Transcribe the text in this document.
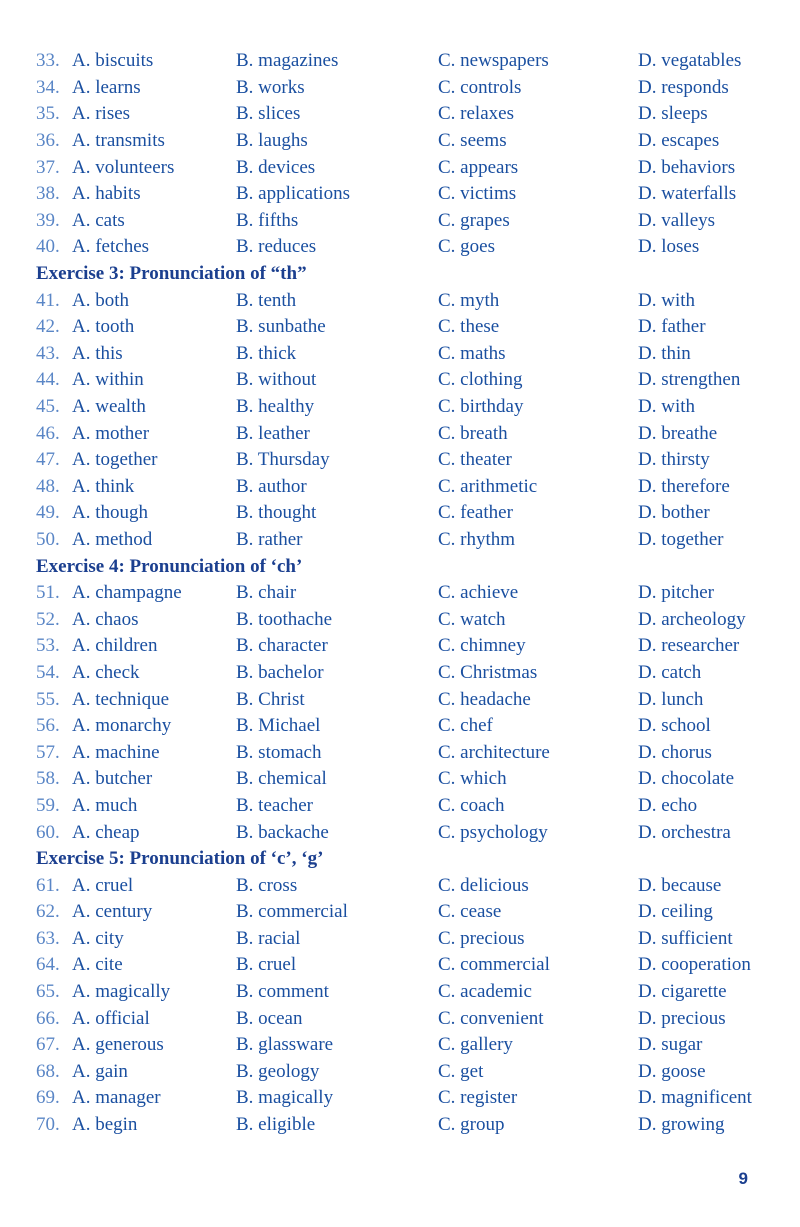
33. A. biscuits	B. magazines	C. newspapers	D. vegatables
34. A. learns	B. works	C. controls	D. responds
35. A. rises	B. slices	C. relaxes	D. sleeps
36. A. transmits	B. laughs	C. seems	D. escapes
37. A. volunteers	B. devices	C. appears	D. behaviors
38. A. habits	B. applications	C. victims	D. waterfalls
39. A. cats	B. fifths	C. grapes	D. valleys
40. A. fetches	B. reduces	C. goes	D. loses
Exercise 3: Pronunciation of “th”
41. A. both	B. tenth	C. myth	D. with
42. A. tooth	B. sunbathe	C. these	D. father
43. A. this	B. thick	C. maths	D. thin
44. A. within	B. without	C. clothing	D. strengthen
45. A. wealth	B. healthy	C. birthday	D. with
46. A. mother	B. leather	C. breath	D. breathe
47. A. together	B. Thursday	C. theater	D. thirsty
48. A. think	B. author	C. arithmetic	D. therefore
49. A. though	B. thought	C. feather	D. bother
50. A. method	B. rather	C. rhythm	D. together
Exercise 4: Pronunciation of ‘ch’
51. A. champagne	B. chair	C. achieve	D. pitcher
52. A. chaos	B. toothache	C. watch	D. archeology
53. A. children	B. character	C. chimney	D. researcher
54. A. check	B. bachelor	C. Christmas	D. catch
55. A. technique	B. Christ	C. headache	D. lunch
56. A. monarchy	B. Michael	C. chef	D. school
57. A. machine	B. stomach	C. architecture	D. chorus
58. A. butcher	B. chemical	C. which	D. chocolate
59. A. much	B. teacher	C. coach	D. echo
60. A. cheap	B. backache	C. psychology	D. orchestra
Exercise 5: Pronunciation of ‘c’, ‘g’
61. A. cruel	B. cross	C. delicious	D. because
62. A. century	B. commercial	C. cease	D. ceiling
63. A. city	B. racial	C. precious	D. sufficient
64. A. cite	B. cruel	C. commercial	D. cooperation
65. A. magically	B. comment	C. academic	D. cigarette
66. A. official	B. ocean	C. convenient	D. precious
67. A. generous	B. glassware	C. gallery	D. sugar
68. A. gain	B. geology	C. get	D. goose
69. A. manager	B. magically	C. register	D. magnificent
70. A. begin	B. eligible	C. group	D. growing
9
